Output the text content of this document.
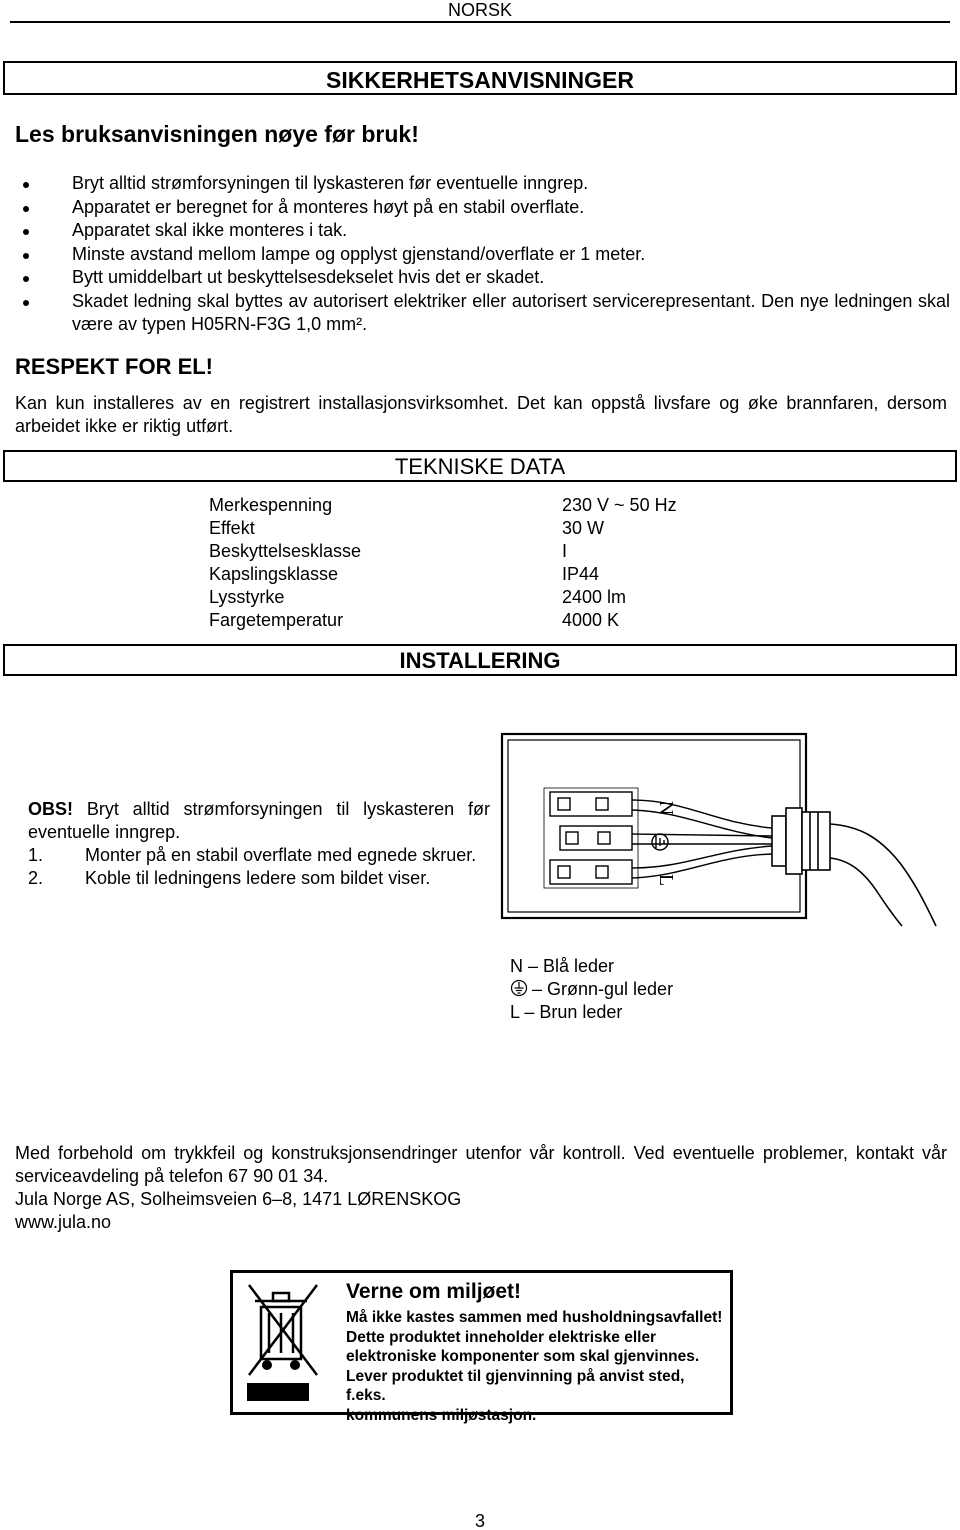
NORSK
SIKKERHETSANVISNINGER
Les bruksanvisningen nøye før bruk!
Bryt alltid strømforsyningen til lyskasteren før eventuelle inngrep.
Apparatet er beregnet for å monteres høyt på en stabil overflate.
Apparatet skal ikke monteres i tak.
Minste avstand mellom lampe og opplyst gjenstand/overflate er 1 meter.
Bytt umiddelbart ut beskyttelsesdekselet hvis det er skadet.
Skadet ledning skal byttes av autorisert elektriker eller autorisert servicerepresentant. Den nye ledningen skal være av typen H05RN-F3G 1,0 mm².
RESPEKT FOR EL!
Kan kun installeres av en registrert installasjonsvirksomhet. Det kan oppstå livsfare og øke brannfaren, dersom arbeidet ikke er riktig utført.
TEKNISKE DATA
Merkespenning	230 V ~ 50 Hz
Effekt	30 W
Beskyttelsesklasse	I
Kapslingsklasse	IP44
Lysstyrke	2400 lm
Fargetemperatur	4000 K
INSTALLERING

OBS! Bryt alltid strømforsyningen til lyskasteren før eventuelle inngrep.

1. Monter på en stabil overflate med egnede skruer.
2. Koble til ledningens ledere som bildet viser.
N
L
N – Blå leder
– Grønn-gul leder
L – Brun leder

Med forbehold om trykkfeil og konstruksjonsendringer utenfor vår kontroll. Ved eventuelle problemer, kontakt vår serviceavdeling på telefon 67 90 01 34.

Jula Norge AS, Solheimsveien 6–8, 1471 LØRENSKOG
www.jula.no
Verne om miljøet!
Må ikke kastes sammen med husholdningsavfallet!
Dette produktet inneholder elektriske eller
elektroniske komponenter som skal gjenvinnes.
Lever produktet til gjenvinning på anvist sted, f.eks.
kommunens miljøstasjon.
3
